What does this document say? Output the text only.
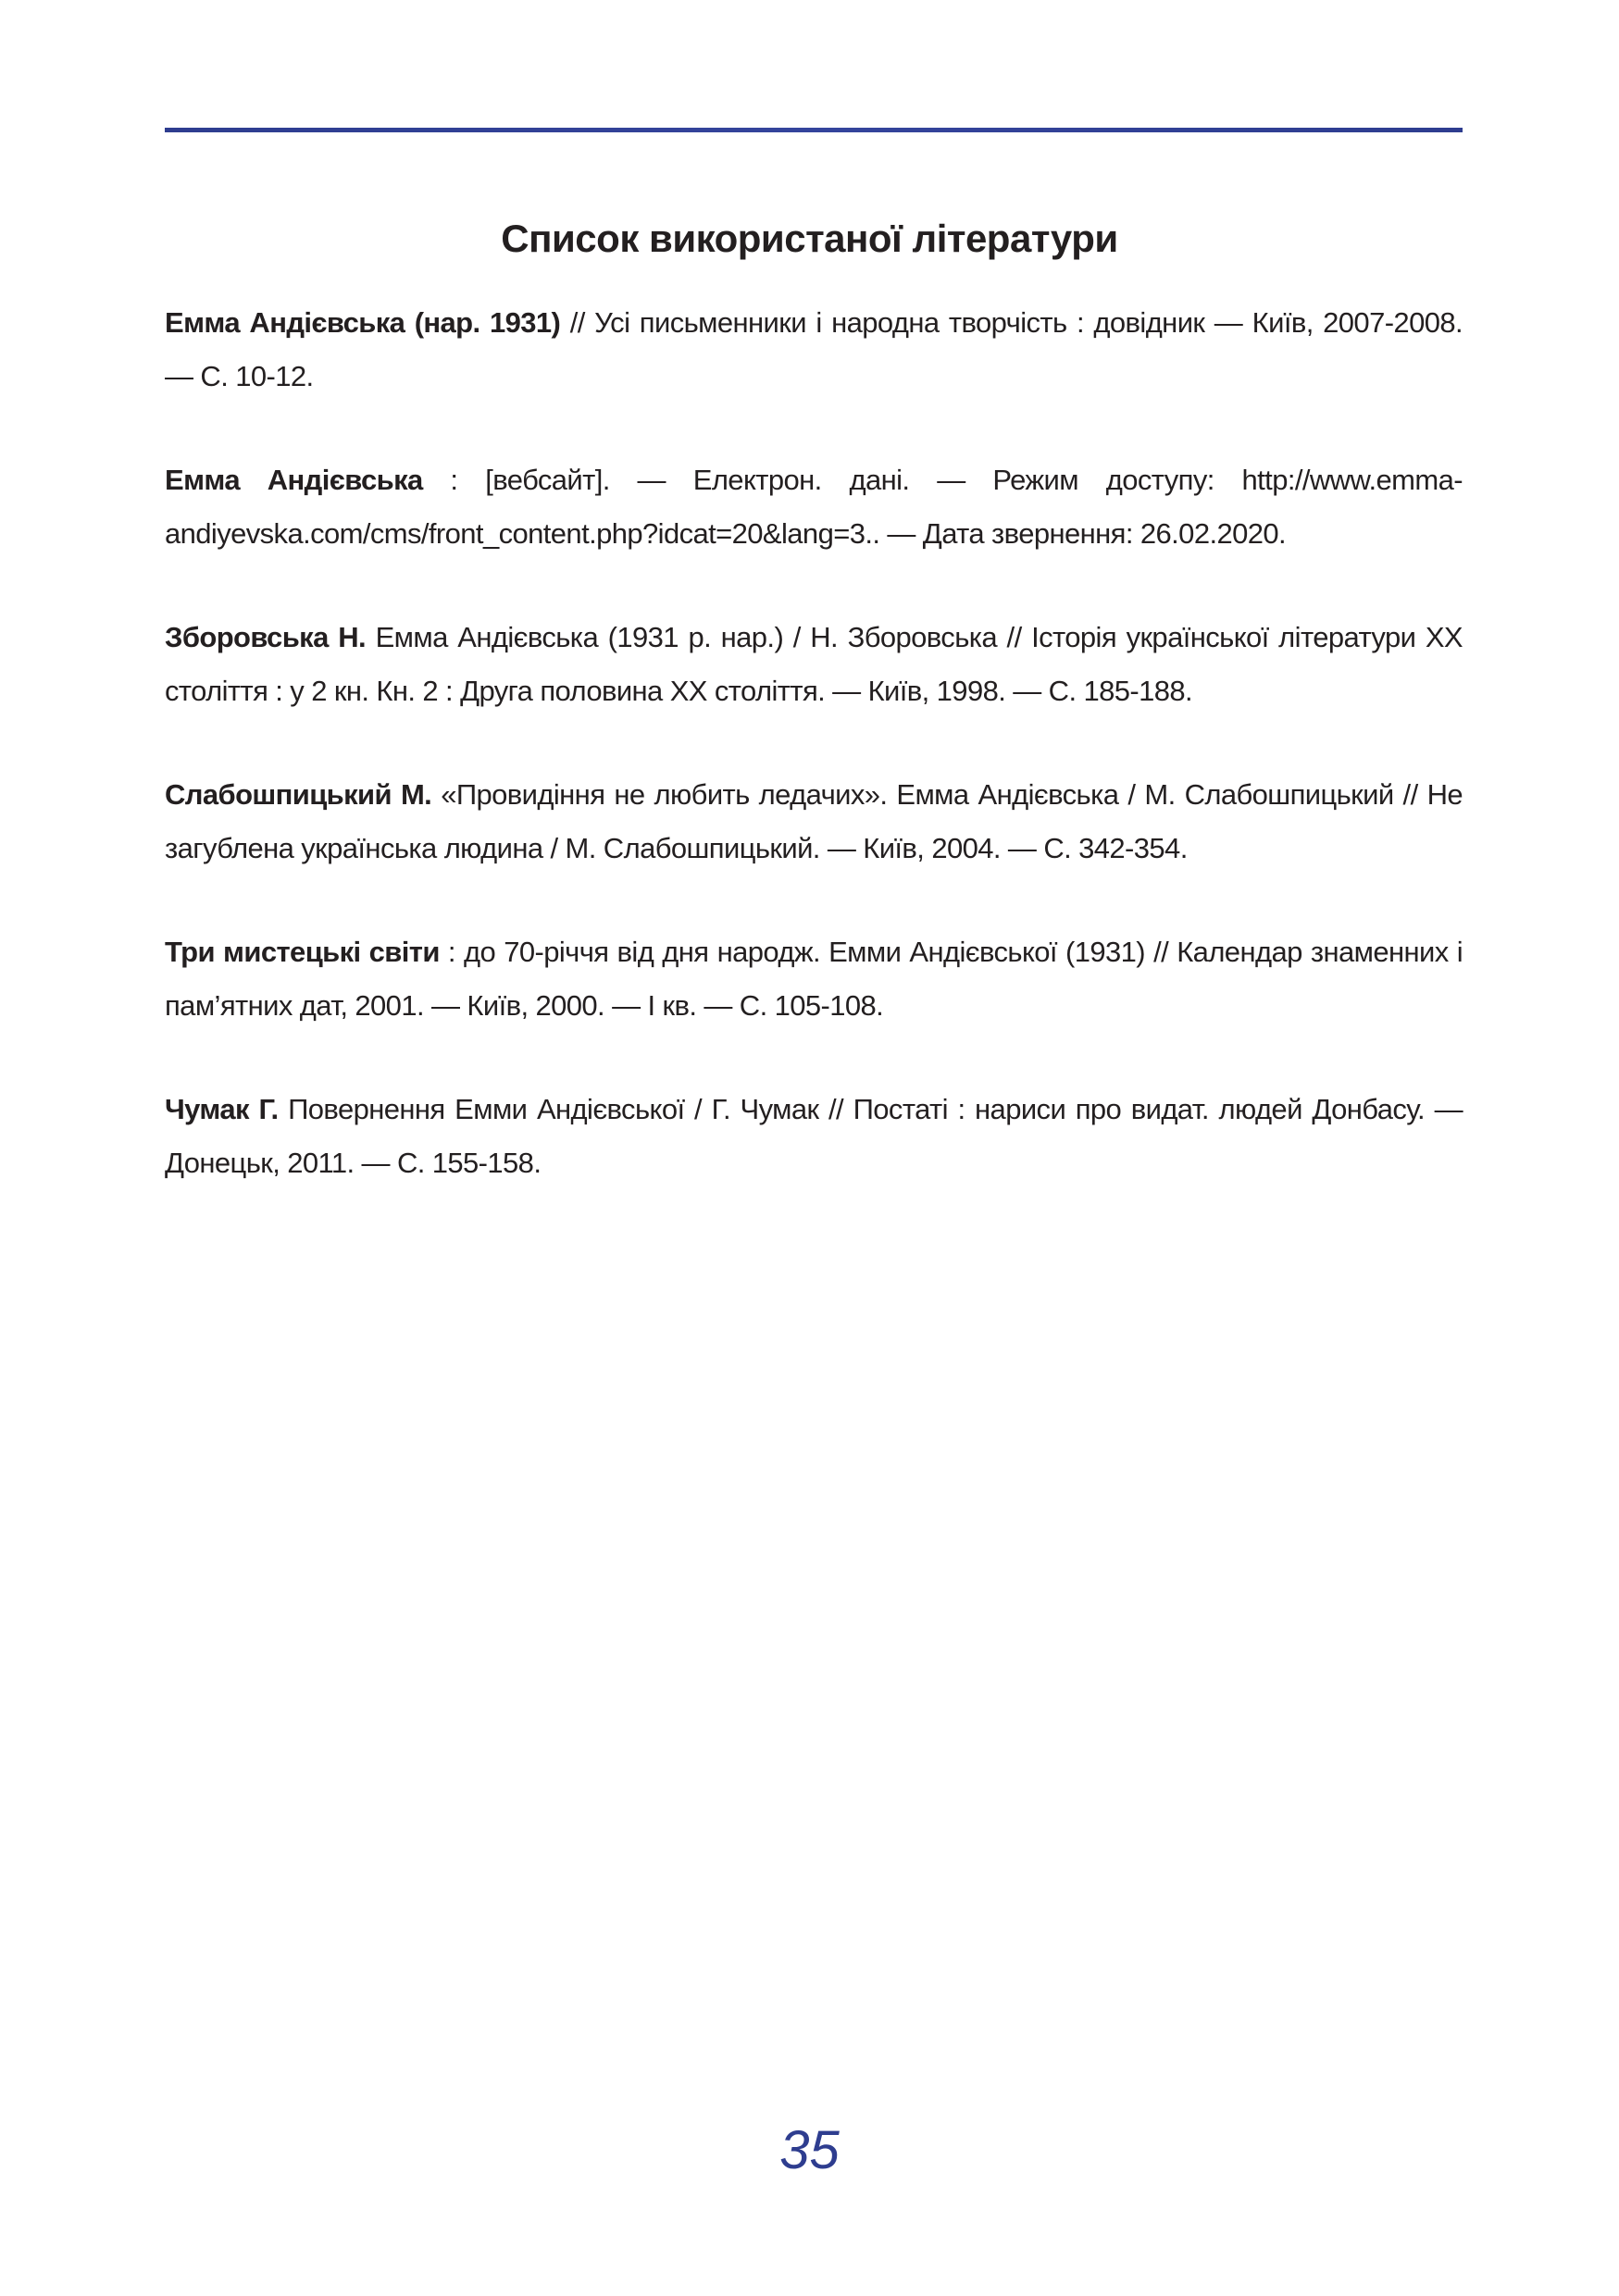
Список використаної літератури
Емма Андієвська (нар. 1931) // Усі письменники і народна творчість : довідник — Київ, 2007-2008. — С. 10-12.
Емма Андієвська : [вебсайт]. — Електрон. дані. — Режим доступу: http://www.emma-andiyevska.com/cms/front_content.php?idcat=20&lang=3.. — Дата звернення: 26.02.2020.
Зборовська Н. Емма Андієвська (1931 р. нар.) / Н. Зборовська // Історія української літератури ХХ століття : у 2 кн. Кн. 2 : Друга половина ХХ століття. — Київ, 1998. — С. 185-188.
Слабошпицький М. «Провидіння не любить ледачих». Емма Андієвська / М. Слабошпицький // Не загублена українська людина / М. Слабошпицький. — Київ, 2004. — С. 342-354.
Три мистецькі світи : до 70-річчя від дня народж. Емми Андієвської (1931) // Календар знаменних і пам’ятних дат, 2001. — Київ, 2000. — І кв. — С. 105-108.
Чумак Г. Повернення Емми Андієвської / Г. Чумак // Постаті : нариси про видат. людей Донбасу. — Донецьк, 2011. — С. 155-158.
35
